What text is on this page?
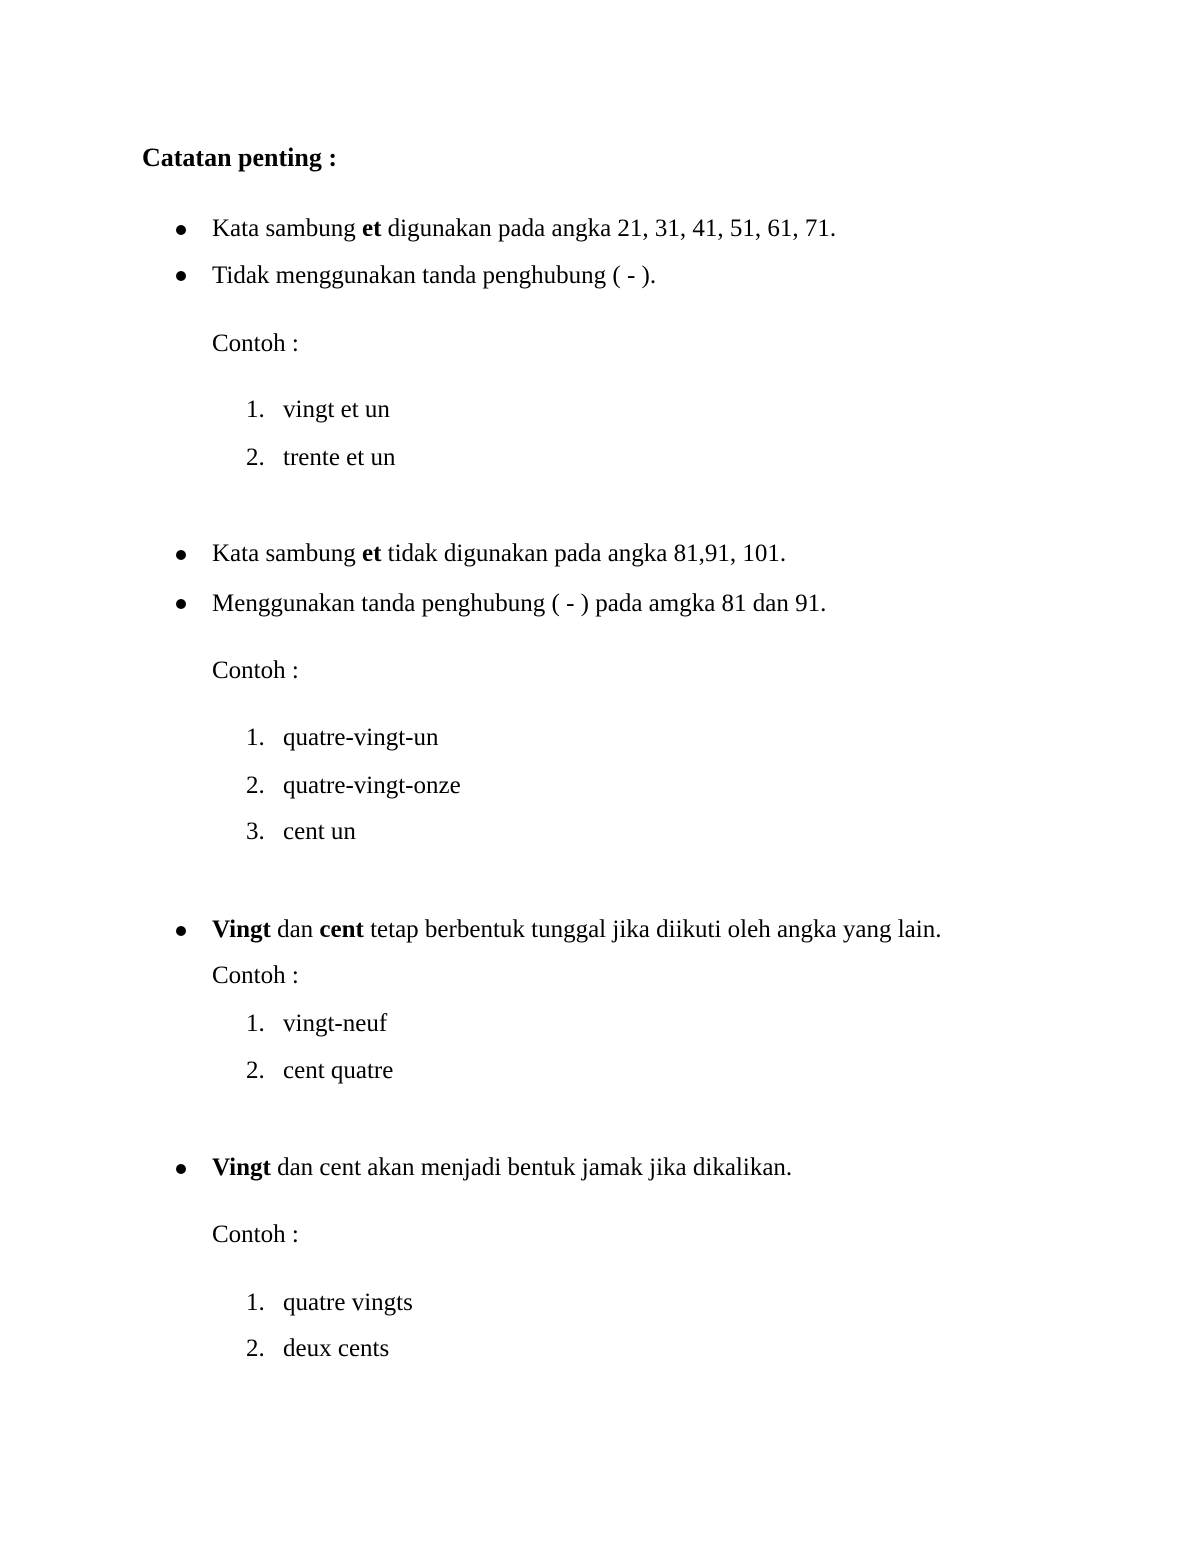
Catatan penting :
Kata sambung et digunakan pada angka 21, 31, 41, 51, 61, 71.
Tidak menggunakan tanda penghubung ( - ).
Contoh :
1. vingt et un
2. trente et un
Kata sambung et tidak digunakan pada angka 81,91, 101.
Menggunakan tanda penghubung ( - ) pada amgka 81 dan 91.
Contoh :
1. quatre-vingt-un
2. quatre-vingt-onze
3. cent un
Vingt dan cent tetap berbentuk tunggal jika diikuti oleh angka yang lain.
Contoh :
1. vingt-neuf
2. cent quatre
Vingt dan cent akan menjadi bentuk jamak jika dikalikan.
Contoh :
1. quatre vingts
2. deux cents
